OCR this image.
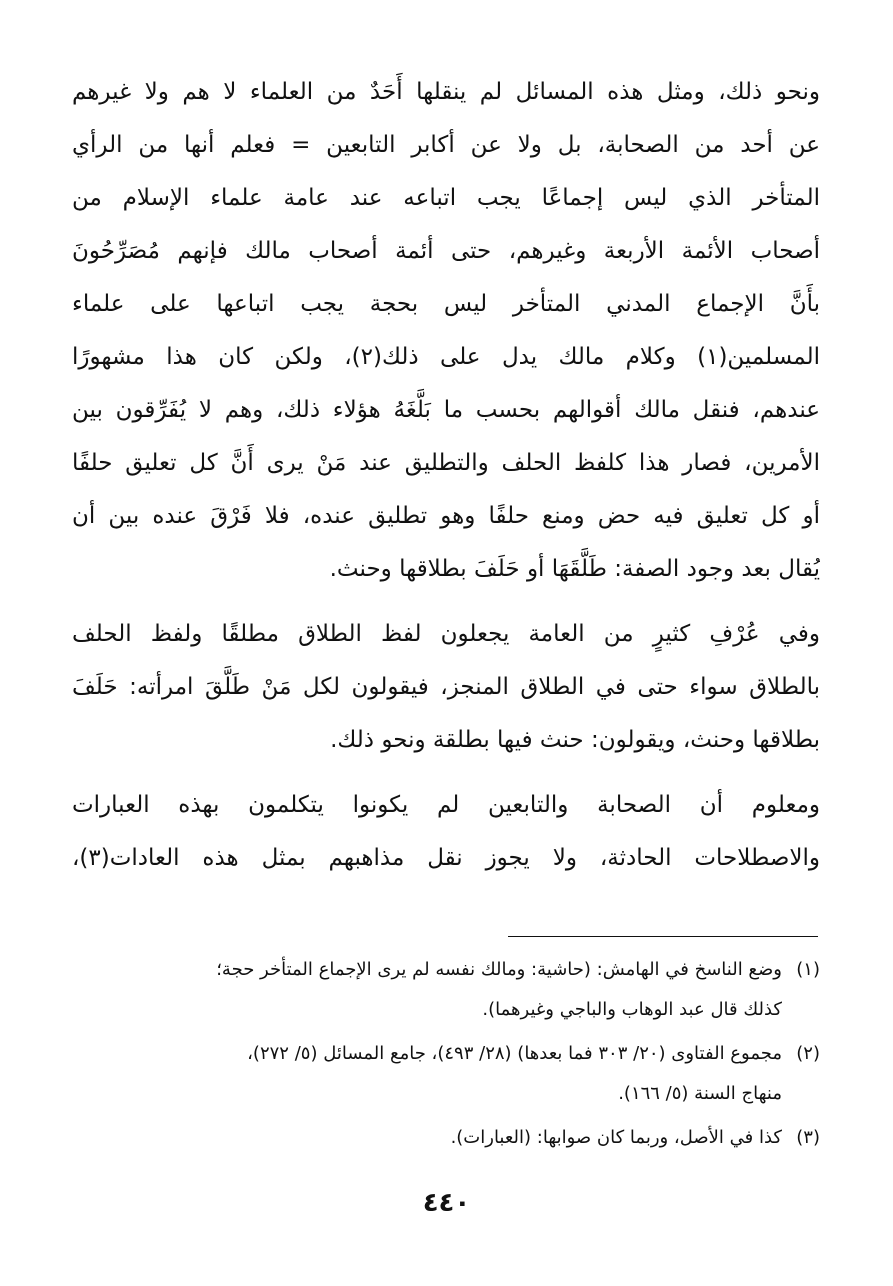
ونحو ذلك، ومثل هذه المسائل لم ينقلها أَحَدٌ من العلماء لا هم ولا غيرهم
عن أحد من الصحابة، بل ولا عن أكابر التابعين = فعلم أنها من الرأي
المتأخر الذي ليس إجماعًا يجب اتباعه عند عامة علماء الإسلام من
أصحاب الأئمة الأربعة وغيرهم، حتى أئمة أصحاب مالك فإنهم مُصَرِّحُونَ
بأَنَّ الإجماع المدني المتأخر ليس بحجة يجب اتباعها على علماء
المسلمين(١) وكلام مالك يدل على ذلك(٢)، ولكن كان هذا مشهورًا
عندهم، فنقل مالك أقوالهم بحسب ما بَلَّغَهُ هؤلاء ذلك، وهم لا يُفَرِّقون بين
الأمرين، فصار هذا كلفظ الحلف والتطليق عند مَنْ يرى أَنَّ كل تعليق حلفًا
أو كل تعليق فيه حض ومنع حلفًا وهو تطليق عنده، فلا فَرْقَ عنده بين أن
يُقال بعد وجود الصفة: طَلَّقَهَا أو حَلَفَ بطلاقها وحنث.
وفي عُرْفِ كثيرٍ من العامة يجعلون لفظ الطلاق مطلقًا ولفظ الحلف
بالطلاق سواء حتى في الطلاق المنجز، فيقولون لكل مَنْ طَلَّقَ امرأته: حَلَفَ
بطلاقها وحنث، ويقولون: حنث فيها بطلقة ونحو ذلك.
ومعلوم أن الصحابة والتابعين لم يكونوا يتكلمون بهذه العبارات
والاصطلاحات الحادثة، ولا يجوز نقل مذاهبهم بمثل هذه العادات(٣)،
(١)
وضع الناسخ في الهامش: (حاشية: ومالك نفسه لم يرى الإجماع المتأخر حجة؛
كذلك قال عبد الوهاب والباجي وغيرهما).
(٢)
مجموع الفتاوى (٢٠/ ٣٠٣ فما بعدها) (٢٨/ ٤٩٣)، جامع المسائل (٥/ ٢٧٢)،
منهاج السنة (٥/ ١٦٦).
(٣)
كذا في الأصل، وربما كان صوابها: (العبارات).
٤٤٠
